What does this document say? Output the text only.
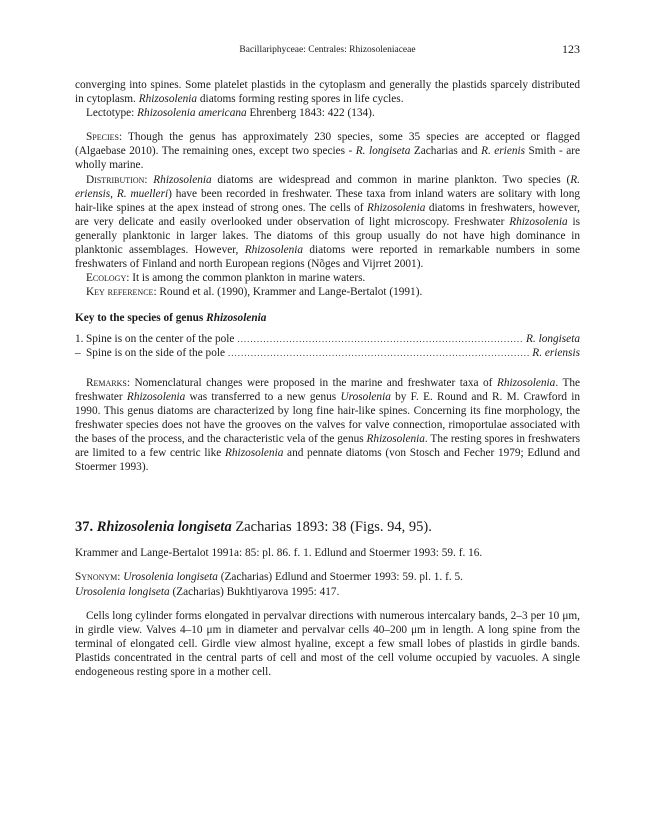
Bacillariphyceae: Centrales: Rhizosoleniaceae	123

converging into spines. Some platelet plastids in the cytoplasm and generally the plastids sparcely distributed in cytoplasm. Rhizosolenia diatoms forming resting spores in life cycles.

Lectotype: Rhizosolenia americana Ehrenberg 1843: 422 (134).

Species: Though the genus has approximately 230 species, some 35 species are accepted or flagged (Algaebase 2010). The remaining ones, except two species - R. longiseta Zacharias and R. erienis Smith - are wholly marine.

Distribution: Rhizosolenia diatoms are widespread and common in marine plankton. Two species (R. eriensis, R. muelleri) have been recorded in freshwater. These taxa from inland waters are solitary with long hair-like spines at the apex instead of strong ones. The cells of Rhizosolenia diatoms in freshwaters, however, are very delicate and easily overlooked under observation of light microscopy. Freshwater Rhizosolenia is generally planktonic in larger lakes. The diatoms of this group usually do not have high dominance in planktonic assemblages. However, Rhizosolenia diatoms were reported in remarkable numbers in some freshwaters of Finland and north European regions (Nõges and Vijrret 2001).

Ecology: It is among the common plankton in marine waters.

Key reference: Round et al. (1990), Krammer and Lange-Bertalot (1991).

Key to the species of genus Rhizosolenia

1. Spine is on the center of the pole .....	R. longiseta
– Spine is on the side of the pole .....	R. eriensis

Remarks: Nomenclatural changes were proposed in the marine and freshwater taxa of Rhizosolenia. The freshwater Rhizosolenia was transferred to a new genus Urosolenia by F. E. Round and R. M. Crawford in 1990. This genus diatoms are characterized by long fine hair-like spines. Concerning its fine morphology, the freshwater species does not have the grooves on the valves for valve connection, rimoportulae associated with the bases of the process, and the characteristic vela of the genus Rhizosolenia. The resting spores in freshwaters are limited to a few centric like Rhizosolenia and pennate diatoms (von Stosch and Fecher 1979; Edlund and Stoermer 1993).

37. Rhizosolenia longiseta Zacharias 1893: 38 (Figs. 94, 95).

Krammer and Lange-Bertalot 1991a: 85: pl. 86. f. 1. Edlund and Stoermer 1993: 59. f. 16.

Synonym: Urosolenia longiseta (Zacharias) Edlund and Stoermer 1993: 59. pl. 1. f. 5.
Urosolenia longiseta (Zacharias) Bukhtiyarova 1995: 417.

Cells long cylinder forms elongated in pervalvar directions with numerous intercalary bands, 2–3 per 10 μm, in girdle view. Valves 4–10 μm in diameter and pervalvar cells 40–200 μm in length. A long spine from the terminal of elongated cell. Girdle view almost hyaline, except a few small lobes of plastids in girdle bands. Plastids concentrated in the central parts of cell and most of the cell volume occupied by vacuoles. A single endogeneous resting spore in a mother cell.
